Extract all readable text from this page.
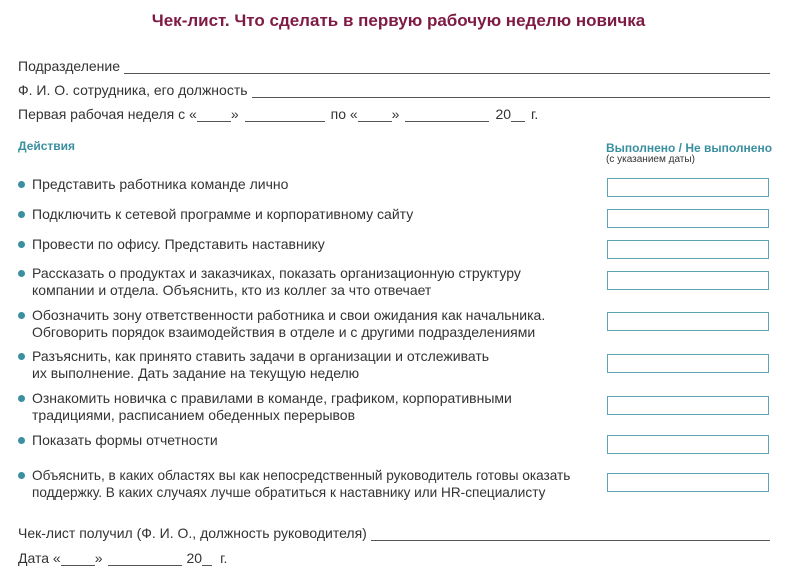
Чек-лист. Что сделать в первую рабочую неделю новичка
Подразделение
Ф. И. О. сотрудника, его должность
Первая рабочая неделя с « »	по « »	20 г.
Действия	Выполнено / Не выполнено
(с указанием даты)
Представить работника команде лично
Подключить к сетевой программе и корпоративному сайту
Провести по офису. Представить наставнику
Рассказать о продуктах и заказчиках, показать организационную структуру
компании и отдела. Объяснить, кто из коллег за что отвечает
Обозначить зону ответственности работника и свои ожидания как начальника.
Обговорить порядок взаимодействия в отделе и с другими подразделениями
Разъяснить, как принято ставить задачи в организации и отслеживать
их выполнение. Дать задание на текущую неделю
Ознакомить новичка с правилами в команде, графиком, корпоративными
традициями, расписанием обеденных перерывов
Показать формы отчетности
Объяснить, в каких областях вы как непосредственный руководитель готовы оказать
поддержку. В каких случаях лучше обратиться к наставнику или HR-специалисту
Чек-лист получил (Ф. И. О., должность руководителя)
Дата « »	20 г.
